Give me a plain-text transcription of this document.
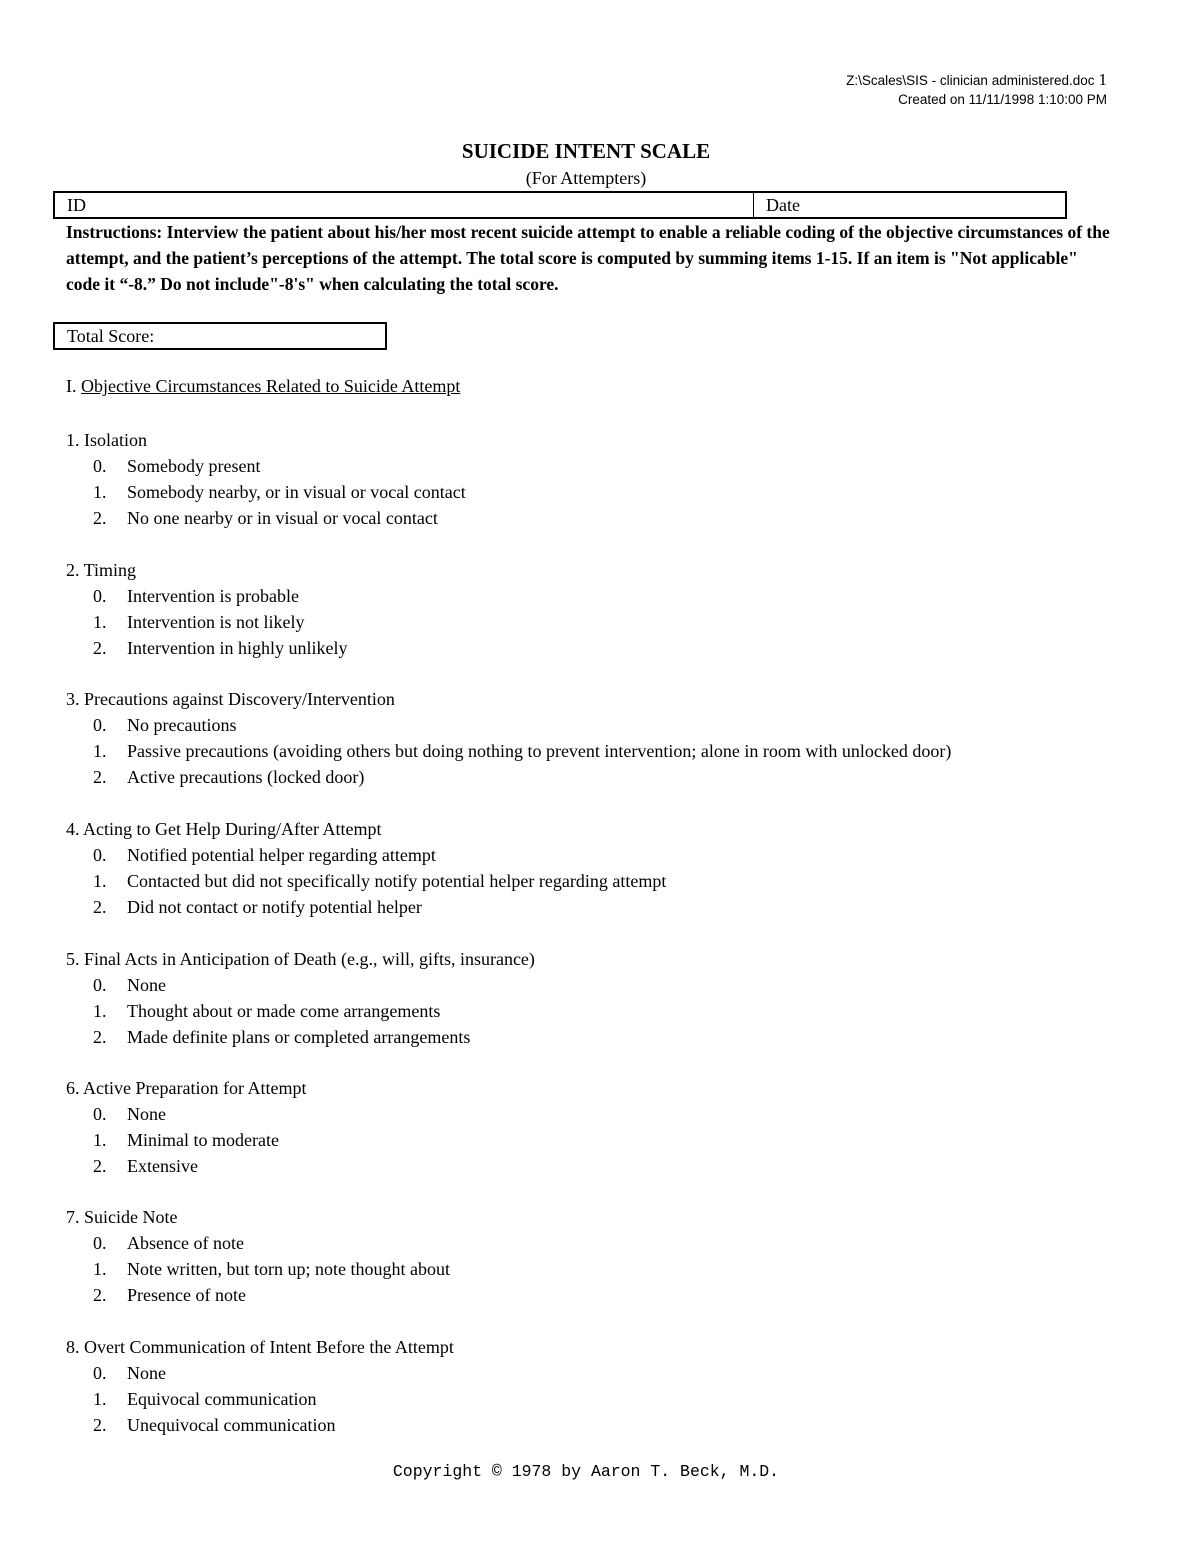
Z:\Scales\SIS - clinician administered.doc 1
Created on 11/11/1998 1:10:00 PM
SUICIDE INTENT SCALE
(For Attempters)
ID	Date
Instructions: Interview the patient about his/her most recent suicide attempt to enable a reliable coding of the objective circumstances of the attempt, and the patient’s perceptions of the attempt. The total score is computed by summing items 1-15. If an item is "Not applicable" code it “-8.” Do not include"-8's" when calculating the total score.
Total Score:
I. Objective Circumstances Related to Suicide Attempt
1. Isolation
0.	Somebody present
1.	Somebody nearby, or in visual or vocal contact
2.	No one nearby or in visual or vocal contact
2. Timing
0.	Intervention is probable
1.	Intervention is not likely
2.	Intervention in highly unlikely
3. Precautions against Discovery/Intervention
0.	No precautions
1.	Passive precautions (avoiding others but doing nothing to prevent intervention; alone in room with unlocked door)
2.	Active precautions (locked door)
4. Acting to Get Help During/After Attempt
0.	Notified potential helper regarding attempt
1.	Contacted but did not specifically notify potential helper regarding attempt
2.	Did not contact or notify potential helper
5. Final Acts in Anticipation of Death (e.g., will, gifts, insurance)
0.	None
1.	Thought about or made come arrangements
2.	Made definite plans or completed arrangements
6. Active Preparation for Attempt
0.	None
1.	Minimal to moderate
2.	Extensive
7. Suicide Note
0.	Absence of note
1.	Note written, but torn up; note thought about
2.	Presence of note
8. Overt Communication of Intent Before the Attempt
0.	None
1.	Equivocal communication
2.	Unequivocal communication
Copyright © 1978 by Aaron T. Beck, M.D.
